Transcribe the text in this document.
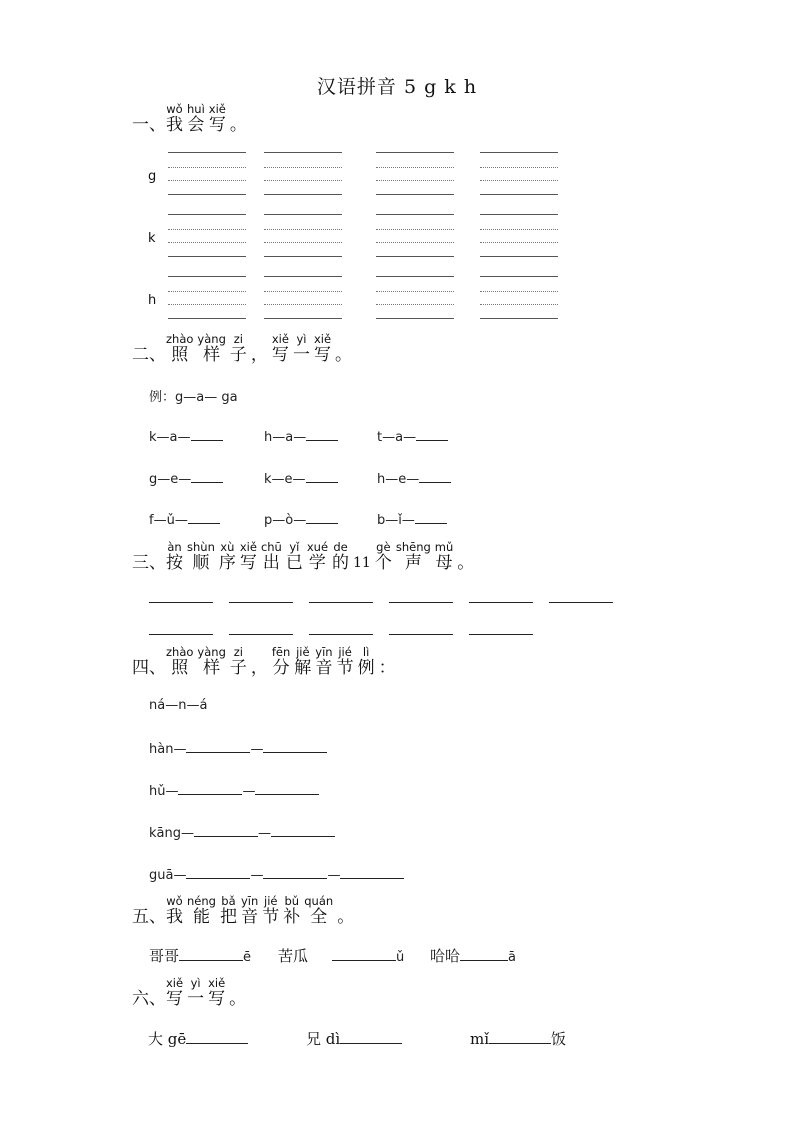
汉语拼音 5 g k h

一、
wǒ
我
huì
会
xiě
写
。

二、
zhào
照
yàng
样
zi
子
，
xiě
写
yì
一
xiě
写
。

三、
àn
按
shùn
顺
xù
序
xiě
写
chū
出
yǐ
已
xué
学
de
的
11
gè
个
shēng
声
mǔ
母
。

四、
zhào
照
yàng
样
zi
子
，
fēn
分
jiě
解
yīn
音
jié
节
lì
例
：

五、
wǒ
我
néng
能
bǎ
把
yīn
音
jié
节
bǔ
补
quán
全
。

六、
xiě
写
yì
一
xiě
写
。
g
k
h
例：g—a— ga
k—a—	h—a—	t—a—
g—e—	k—e—	h—e—
f—ǔ—	p—ò—	b—ǐ—
ná—n—á
hàn—	—
hǔ—	—
kāng—	—
guā—	—	—
哥哥	ē 苦瓜	ǔ 哈哈	ā
大 gē	兄 dì	mǐ	饭
